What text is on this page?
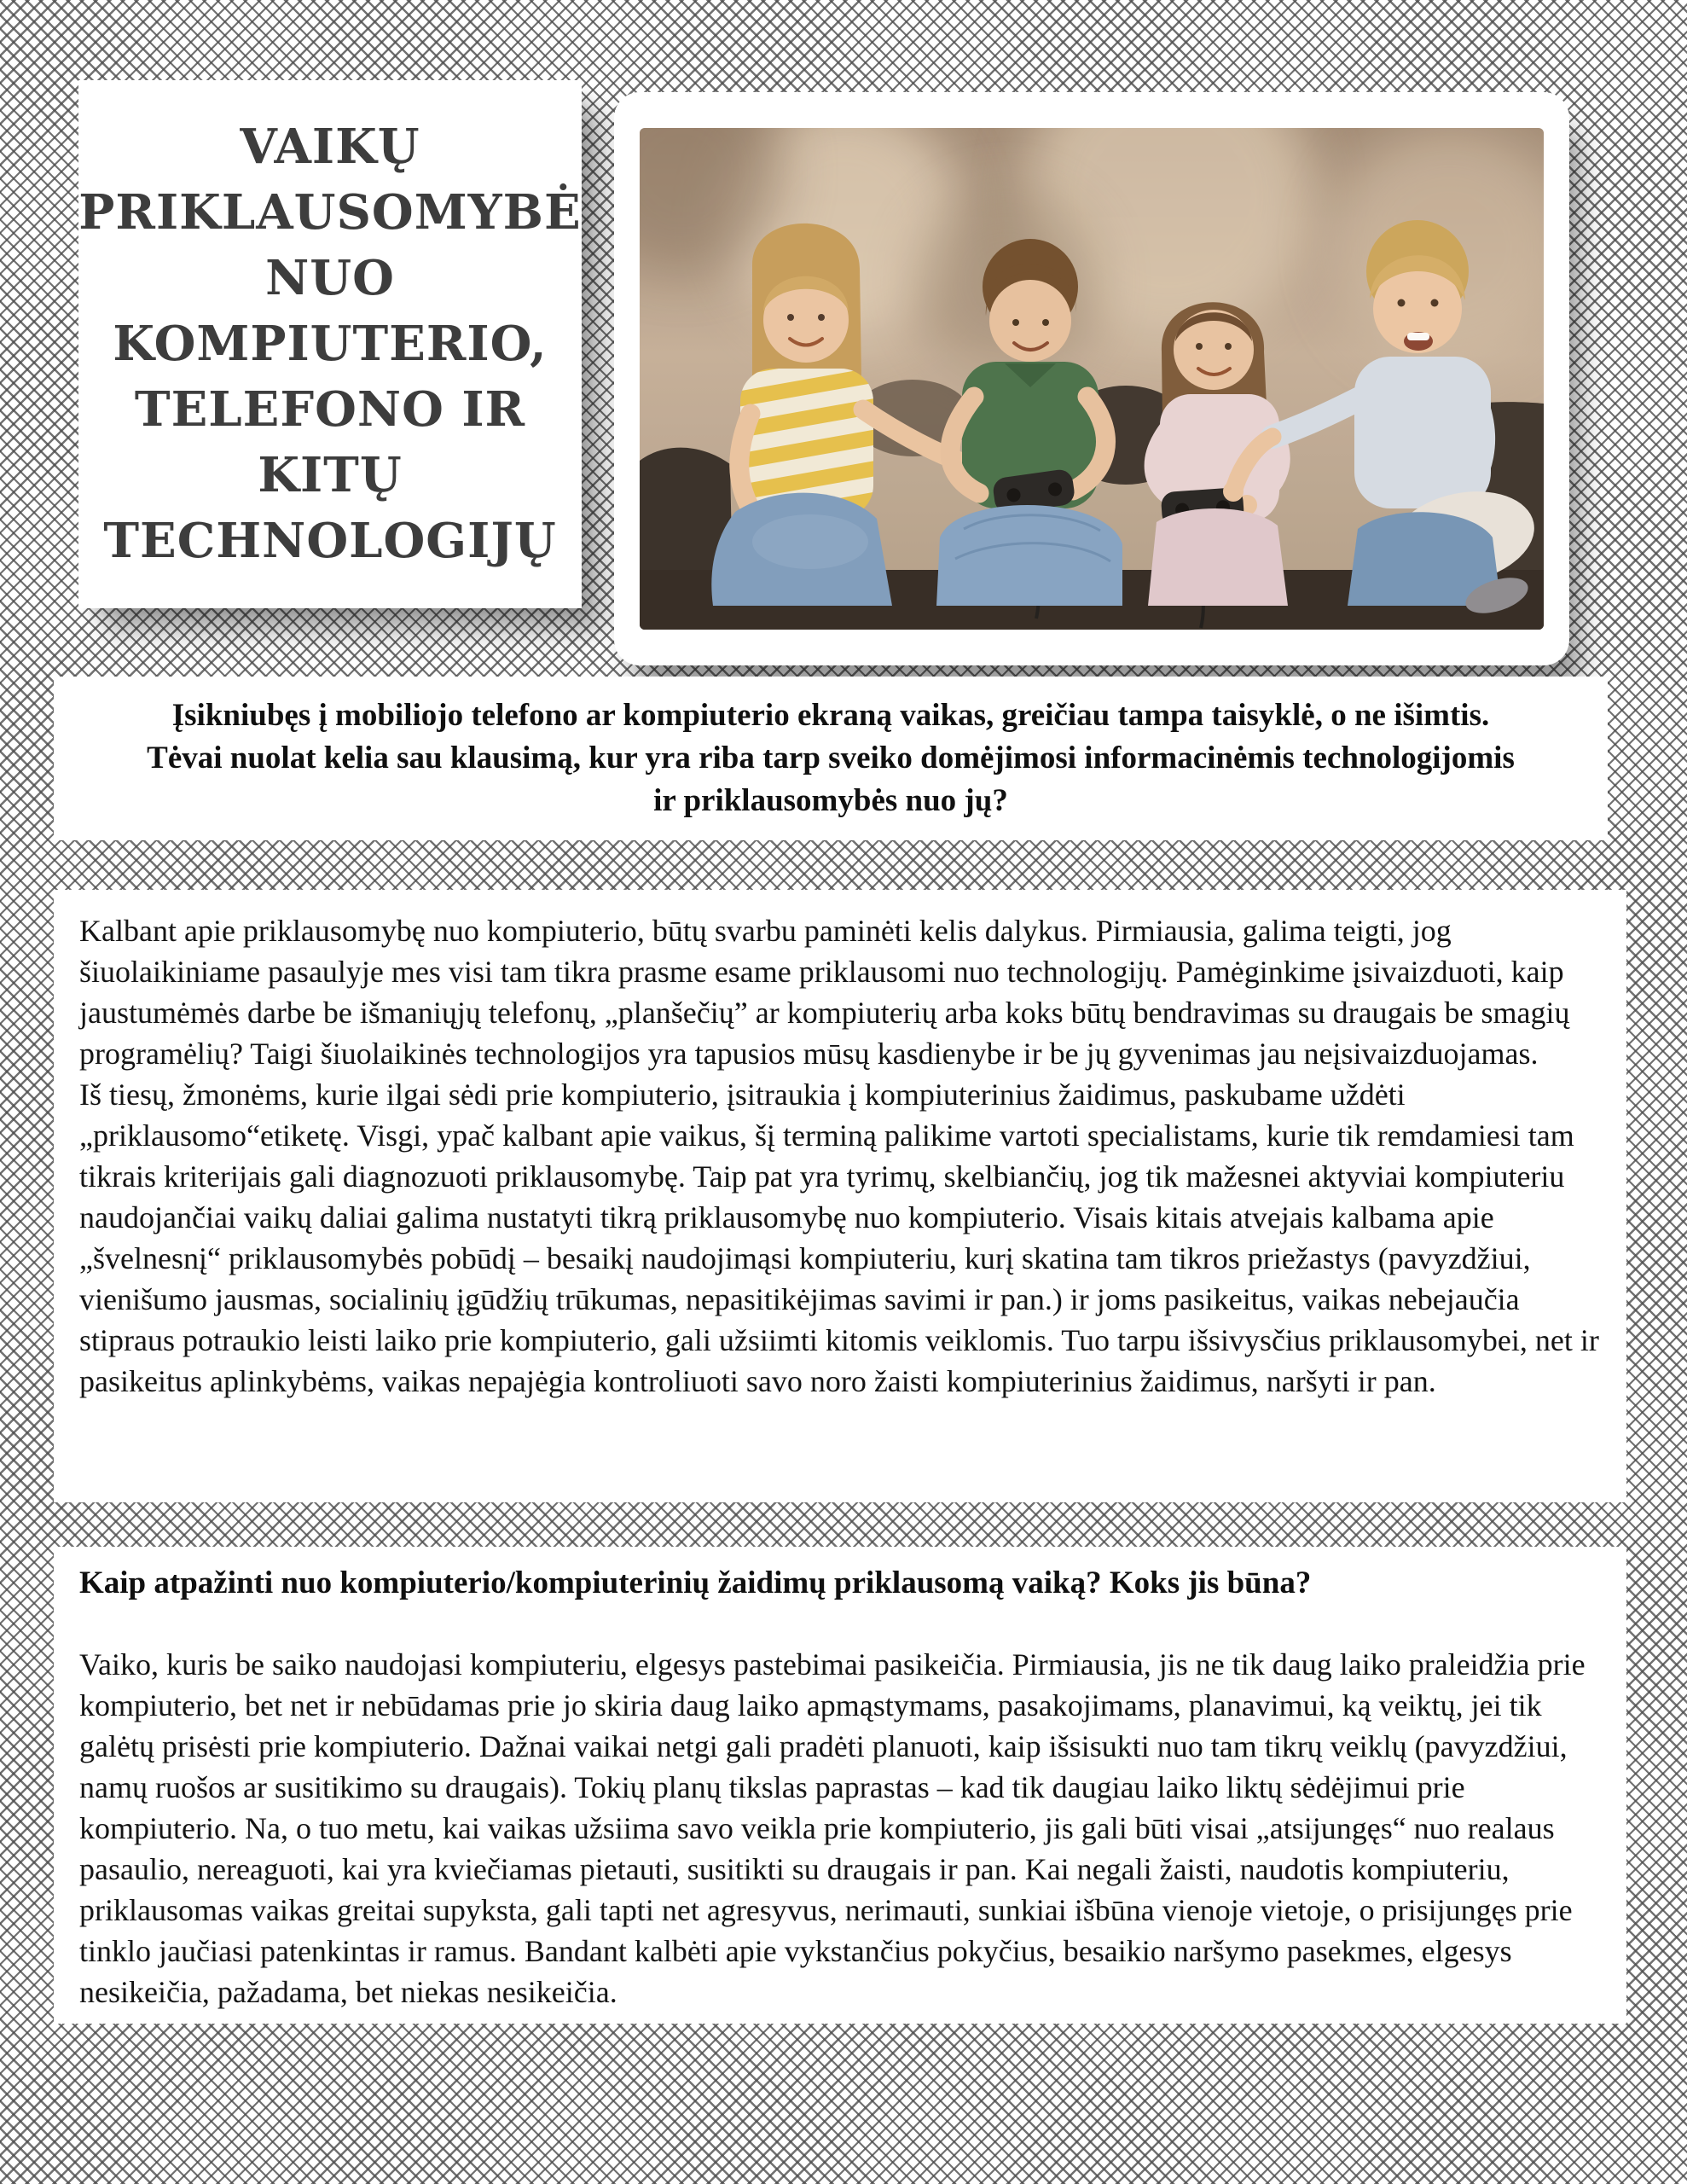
VAIKŲ
PRIKLAUSOMYBĖ
NUO
KOMPIUTERIO,
TELEFONO IR
KITŲ
TECHNOLOGIJŲ

Įsikniubęs į mobiliojo telefono ar kompiuterio ekraną vaikas, greičiau tampa taisyklė, o ne išimtis. Tėvai nuolat kelia sau klausimą, kur yra riba tarp sveiko domėjimosi informacinėmis technologijomis ir priklausomybės nuo jų?

Kalbant apie priklausomybę nuo kompiuterio, būtų svarbu paminėti kelis dalykus. Pirmiausia, galima teigti, jog šiuolaikiniame pasaulyje mes visi tam tikra prasme esame priklausomi nuo technologijų. Pamėginkime įsivaizduoti, kaip jaustumėmės darbe be išmaniųjų telefonų, „planšečių” ar kompiuterių arba koks būtų bendravimas su draugais be smagių programėlių? Taigi šiuolaikinės technologijos yra tapusios mūsų kasdienybe ir be jų gyvenimas jau neįsivaizduojamas.

Iš tiesų, žmonėms, kurie ilgai sėdi prie kompiuterio, įsitraukia į kompiuterinius žaidimus, paskubame uždėti „priklausomo“etiketę. Visgi, ypač kalbant apie vaikus, šį terminą palikime vartoti specialistams, kurie tik remdamiesi tam tikrais kriterijais gali diagnozuoti priklausomybę. Taip pat yra tyrimų, skelbiančių, jog tik mažesnei aktyviai kompiuteriu naudojančiai vaikų daliai galima nustatyti tikrą priklausomybę nuo kompiuterio. Visais kitais atvejais kalbama apie „švelnesnį“ priklausomybės pobūdį – besaikį naudojimąsi kompiuteriu, kurį skatina tam tikros priežastys (pavyzdžiui, vienišumo jausmas, socialinių įgūdžių trūkumas, nepasitikėjimas savimi ir pan.) ir joms pasikeitus, vaikas nebejaučia stipraus potraukio leisti laiko prie kompiuterio, gali užsiimti kitomis veiklomis. Tuo tarpu išsivysčius priklausomybei, net ir pasikeitus aplinkybėms, vaikas nepajėgia kontroliuoti savo noro žaisti kompiuterinius žaidimus, naršyti ir pan.

Kaip atpažinti nuo kompiuterio/kompiuterinių žaidimų priklausomą vaiką? Koks jis būna?

Vaiko, kuris be saiko naudojasi kompiuteriu, elgesys pastebimai pasikeičia. Pirmiausia, jis ne tik daug laiko praleidžia prie kompiuterio, bet net ir nebūdamas prie jo skiria daug laiko apmąstymams, pasakojimams, planavimui, ką veiktų, jei tik galėtų prisėsti prie kompiuterio. Dažnai vaikai netgi gali pradėti planuoti, kaip išsisukti nuo tam tikrų veiklų (pavyzdžiui, namų ruošos ar susitikimo su draugais). Tokių planų tikslas paprastas – kad tik daugiau laiko liktų sėdėjimui prie kompiuterio. Na, o tuo metu, kai vaikas užsiima savo veikla prie kompiuterio, jis gali būti visai „atsijungęs“ nuo realaus pasaulio, nereaguoti, kai yra kviečiamas pietauti, susitikti su draugais ir pan. Kai negali žaisti, naudotis kompiuteriu, priklausomas vaikas greitai supyksta, gali tapti net agresyvus, nerimauti, sunkiai išbūna vienoje vietoje, o prisijungęs prie tinklo jaučiasi patenkintas ir ramus. Bandant kalbėti apie vykstančius pokyčius, besaikio naršymo pasekmes, elgesys nesikeičia, pažadama, bet niekas nesikeičia.
